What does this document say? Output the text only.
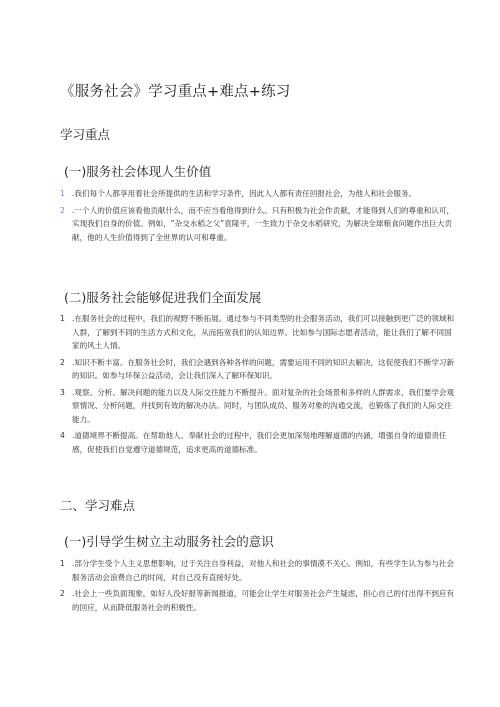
《服务社会》学习重点+难点+练习
学习重点
(一)服务社会体现人生价值
1 .我们每个人都享用着社会所提供的生活和学习条件，因此人人都有责任回报社会，为他人和社会服务。
2 .一个人的价值应该看他贡献什么，而不应当看他得到什么。只有积极为社会作贡献，才能得到人们的尊重和认可，实现我们自身的价值。例如，“杂交水稻之父”袁隆平，一生致力于杂交水稻研究，为解决全球粮食问题作出巨大贡献，他的人生价值得到了全世界的认可和尊重。
(二)服务社会能够促进我们全面发展
1 .在服务社会的过程中，我们的视野不断拓展。通过参与不同类型的社会服务活动，我们可以接触到更广泛的领域和人群，了解到不同的生活方式和文化，从而拓宽我们的认知边界。比如参与国际志愿者活动，能让我们了解不同国家的风土人情。
2 .知识不断丰富。在服务社会时，我们会遇到各种各样的问题，需要运用不同的知识去解决，这促使我们不断学习新的知识。如参与环保公益活动，会让我们深入了解环保知识。
3 .观察、分析、解决问题的能力以及人际交往能力不断提升。面对复杂的社会场景和多样的人群需求，我们要学会观察情况、分析问题，并找到有效的解决办法。同时，与团队成员、服务对象的沟通交流，也锻炼了我们的人际交往能力。
4 .道德境界不断提高。在帮助他人、奉献社会的过程中，我们会更加深刻地理解道德的内涵，增强自身的道德责任感，促使我们自觉遵守道德规范，追求更高的道德标准。
二、学习难点
(一)引导学生树立主动服务社会的意识
1 .部分学生受个人主义思想影响，过于关注自身利益，对他人和社会的事情漠不关心。例如，有些学生认为参与社会服务活动会浪费自己的时间，对自己没有直接好处。
2 .社会上一些负面现象，如好人没好报等新闻报道，可能会让学生对服务社会产生疑虑，担心自己的付出得不到应有的回应，从而降低服务社会的积极性。
